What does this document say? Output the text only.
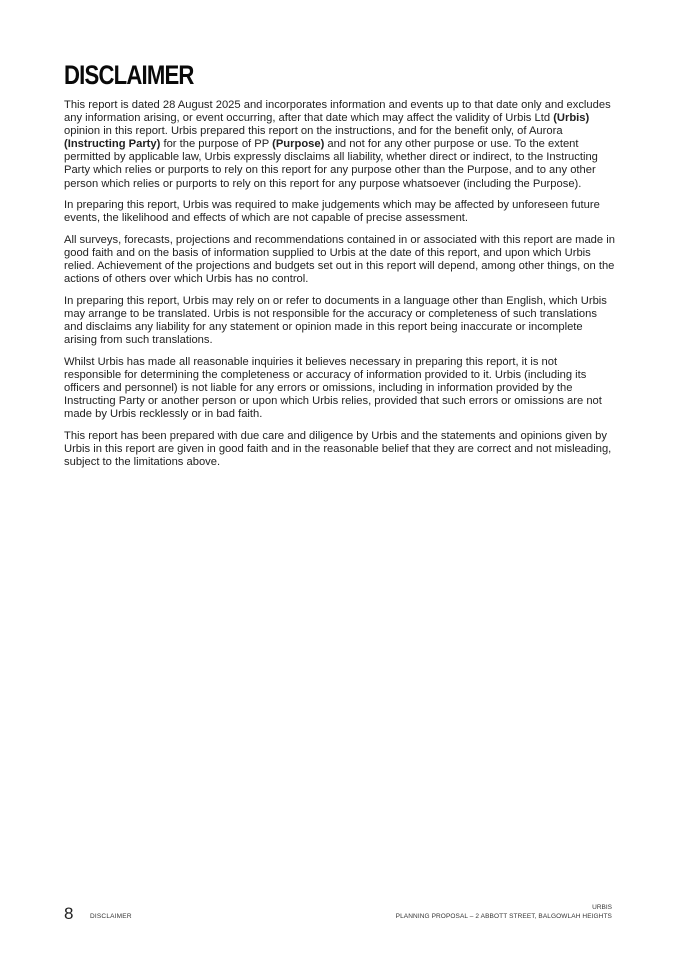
DISCLAIMER

This report is dated 28 August 2025 and incorporates information and events up to that date only and excludes any information arising, or event occurring, after that date which may affect the validity of Urbis Ltd (Urbis) opinion in this report. Urbis prepared this report on the instructions, and for the benefit only, of Aurora (Instructing Party) for the purpose of PP (Purpose) and not for any other purpose or use. To the extent permitted by applicable law, Urbis expressly disclaims all liability, whether direct or indirect, to the Instructing Party which relies or purports to rely on this report for any purpose other than the Purpose, and to any other person which relies or purports to rely on this report for any purpose whatsoever (including the Purpose).

In preparing this report, Urbis was required to make judgements which may be affected by unforeseen future events, the likelihood and effects of which are not capable of precise assessment.

All surveys, forecasts, projections and recommendations contained in or associated with this report are made in good faith and on the basis of information supplied to Urbis at the date of this report, and upon which Urbis relied. Achievement of the projections and budgets set out in this report will depend, among other things, on the actions of others over which Urbis has no control.

In preparing this report, Urbis may rely on or refer to documents in a language other than English, which Urbis may arrange to be translated. Urbis is not responsible for the accuracy or completeness of such translations and disclaims any liability for any statement or opinion made in this report being inaccurate or incomplete arising from such translations.

Whilst Urbis has made all reasonable inquiries it believes necessary in preparing this report, it is not responsible for determining the completeness or accuracy of information provided to it. Urbis (including its officers and personnel) is not liable for any errors or omissions, including in information provided by the Instructing Party or another person or upon which Urbis relies, provided that such errors or omissions are not made by Urbis recklessly or in bad faith.

This report has been prepared with due care and diligence by Urbis and the statements and opinions given by Urbis in this report are given in good faith and in the reasonable belief that they are correct and not misleading, subject to the limitations above.

8	DISCLAIMER
URBIS
PLANNING PROPOSAL – 2 ABBOTT STREET, BALGOWLAH HEIGHTS
